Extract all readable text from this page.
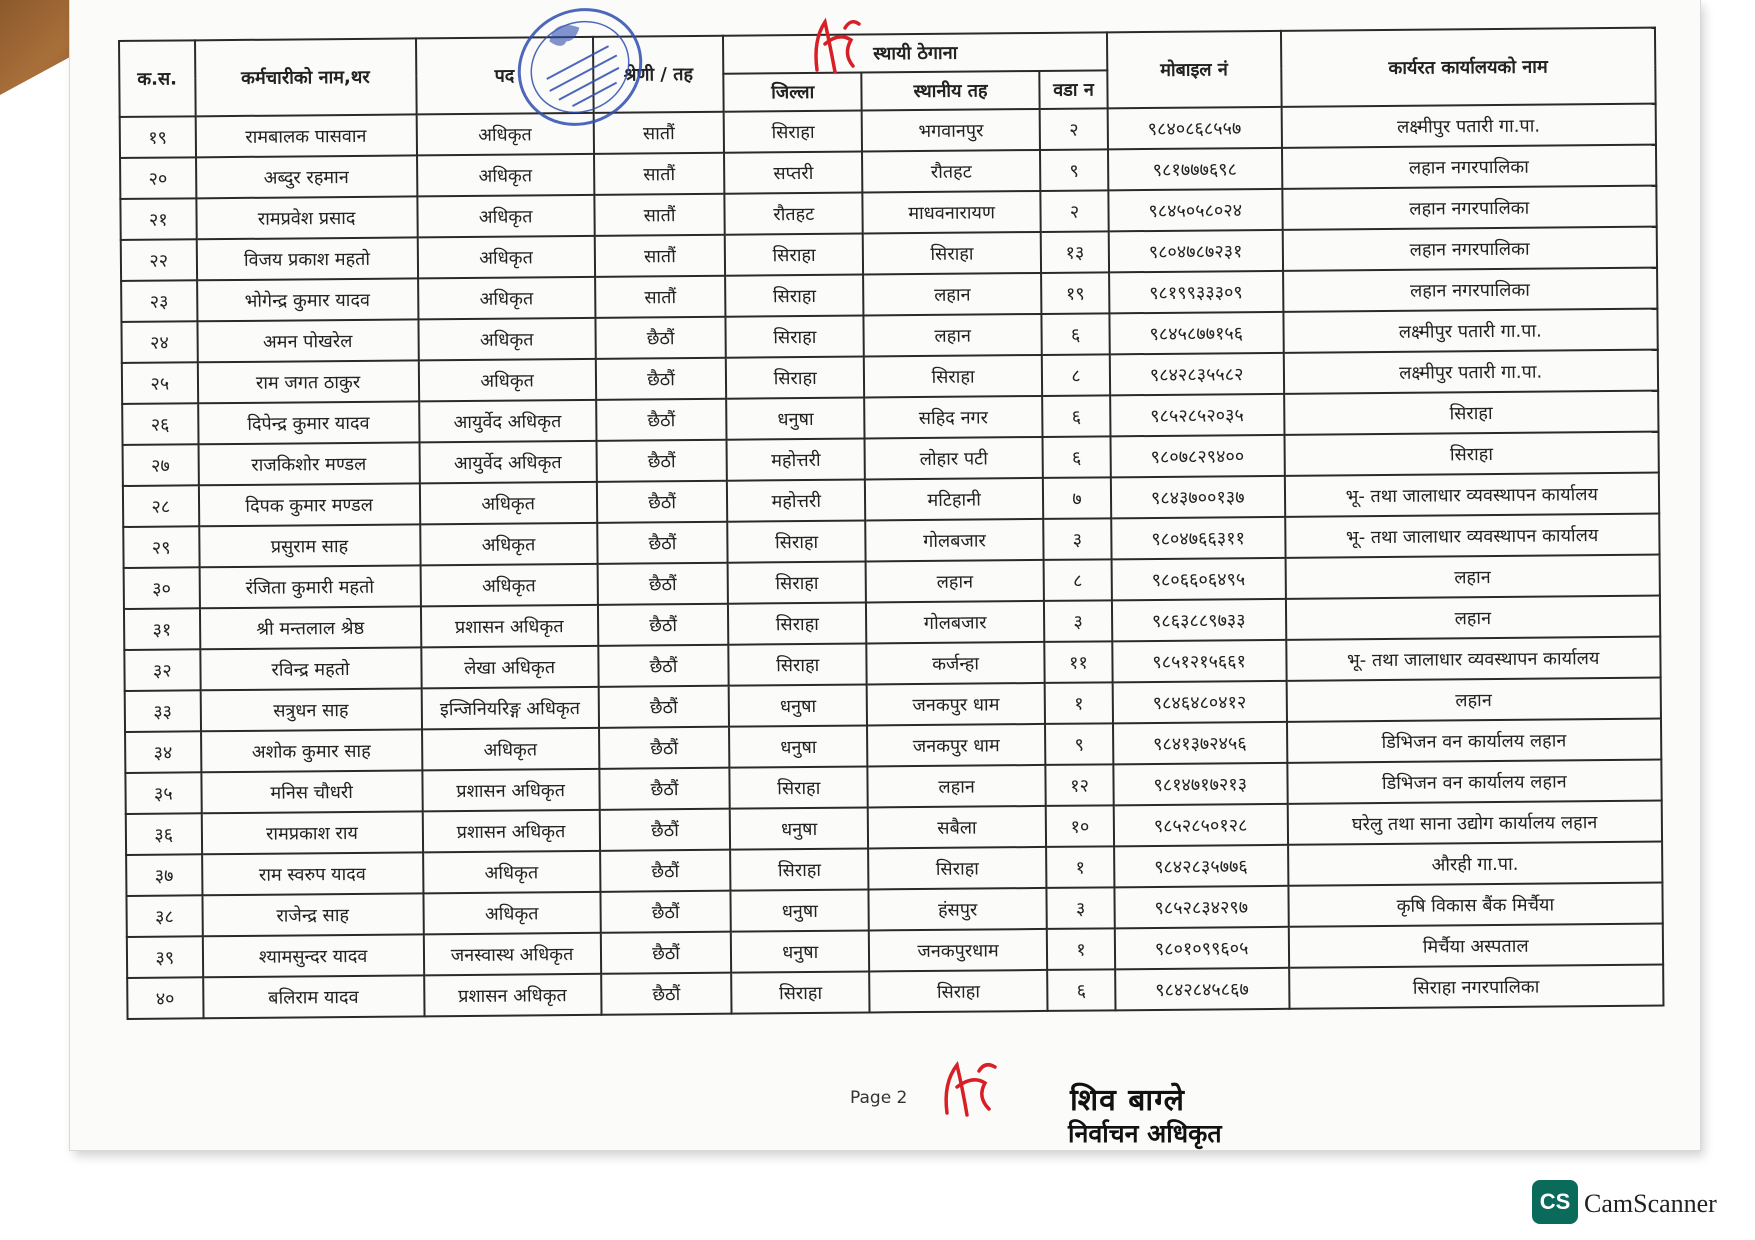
क.स.	कर्मचारीको नाम,थर	पद	श्रेणी / तह	स्थायी ठेगाना			मोबाइल नं	कार्यरत कार्यालयको नाम
				जिल्ला	स्थानीय तह	वडा न		
१९	रामबालक पासवान	अधिकृत	सातौं	सिराहा	भगवानपुर	२	९८४०८६८५५७	लक्ष्मीपुर पतारी गा.पा.
२०	अब्दुर रहमान	अधिकृत	सातौं	सप्तरी	रौतहट	९	९८१७७७६९८	लहान नगरपालिका
२१	रामप्रवेश प्रसाद	अधिकृत	सातौं	रौतहट	माधवनारायण	२	९८४५०५८०२४	लहान नगरपालिका
२२	विजय प्रकाश महतो	अधिकृत	सातौं	सिराहा	सिराहा	१३	९८०४७८७२३१	लहान नगरपालिका
२३	भोगेन्द्र कुमार यादव	अधिकृत	सातौं	सिराहा	लहान	१९	९८१९९३३३०९	लहान नगरपालिका
२४	अमन पोखरेल	अधिकृत	छैठौं	सिराहा	लहान	६	९८४५८७७१५६	लक्ष्मीपुर पतारी गा.पा.
२५	राम जगत ठाकुर	अधिकृत	छैठौं	सिराहा	सिराहा	८	९८४२८३५५८२	लक्ष्मीपुर पतारी गा.पा.
२६	दिपेन्द्र कुमार यादव	आयुर्वेद अधिकृत	छैठौं	धनुषा	सहिद नगर	६	९८५२८५२०३५	सिराहा
२७	राजकिशोर मण्डल	आयुर्वेद अधिकृत	छैठौं	महोत्तरी	लोहार पटी	६	९८०७८२९४००	सिराहा
२८	दिपक कुमार मण्डल	अधिकृत	छैठौं	महोत्तरी	मटिहानी	७	९८४३७००१३७	भू- तथा जालाधार व्यवस्थापन कार्यालय
२९	प्रसुराम साह	अधिकृत	छैठौं	सिराहा	गोलबजार	३	९८०४७६६३११	भू- तथा जालाधार व्यवस्थापन कार्यालय
३०	रंजिता कुमारी महतो	अधिकृत	छैठौं	सिराहा	लहान	८	९८०६६०६४९५	लहान
३१	श्री मन्तलाल श्रेष्ठ	प्रशासन अधिकृत	छैठौं	सिराहा	गोलबजार	३	९८६३८८९७३३	लहान
३२	रविन्द्र महतो	लेखा अधिकृत	छैठौं	सिराहा	कर्जन्हा	११	९८५१२१५६६१	भू- तथा जालाधार व्यवस्थापन कार्यालय
३३	सत्रुधन साह	इन्जिनियरिङ्ग अधिकृत	छैठौं	धनुषा	जनकपुर धाम	१	९८४६४८०४१२	लहान
३४	अशोक कुमार साह	अधिकृत	छैठौं	धनुषा	जनकपुर धाम	९	९८४१३७२४५६	डिभिजन वन कार्यालय लहान
३५	मनिस चौधरी	प्रशासन अधिकृत	छैठौं	सिराहा	लहान	१२	९८१४७१७२१३	डिभिजन वन कार्यालय लहान
३६	रामप्रकाश राय	प्रशासन अधिकृत	छैठौं	धनुषा	सबैला	१०	९८५२८५०१२८	घरेलु तथा साना उद्योग कार्यालय लहान
३७	राम स्वरुप यादव	अधिकृत	छैठौं	सिराहा	सिराहा	१	९८४२८३५७७६	औरही गा.पा.
३८	राजेन्द्र साह	अधिकृत	छैठौं	धनुषा	हंसपुर	३	९८५२८३४२९७	कृषि विकास बैंक मिर्चैया
३९	श्यामसुन्दर यादव	जनस्वास्थ अधिकृत	छैठौं	धनुषा	जनकपुरधाम	१	९८०१०९९६०५	मिर्चैया अस्पताल
४०	बलिराम यादव	प्रशासन अधिकृत	छैठौं	सिराहा	सिराहा	६	९८४२८४५८६७	सिराहा नगरपालिका
Page 2	शिव बाग्ले
निर्वाचन अधिकृत
CS CamScanner
